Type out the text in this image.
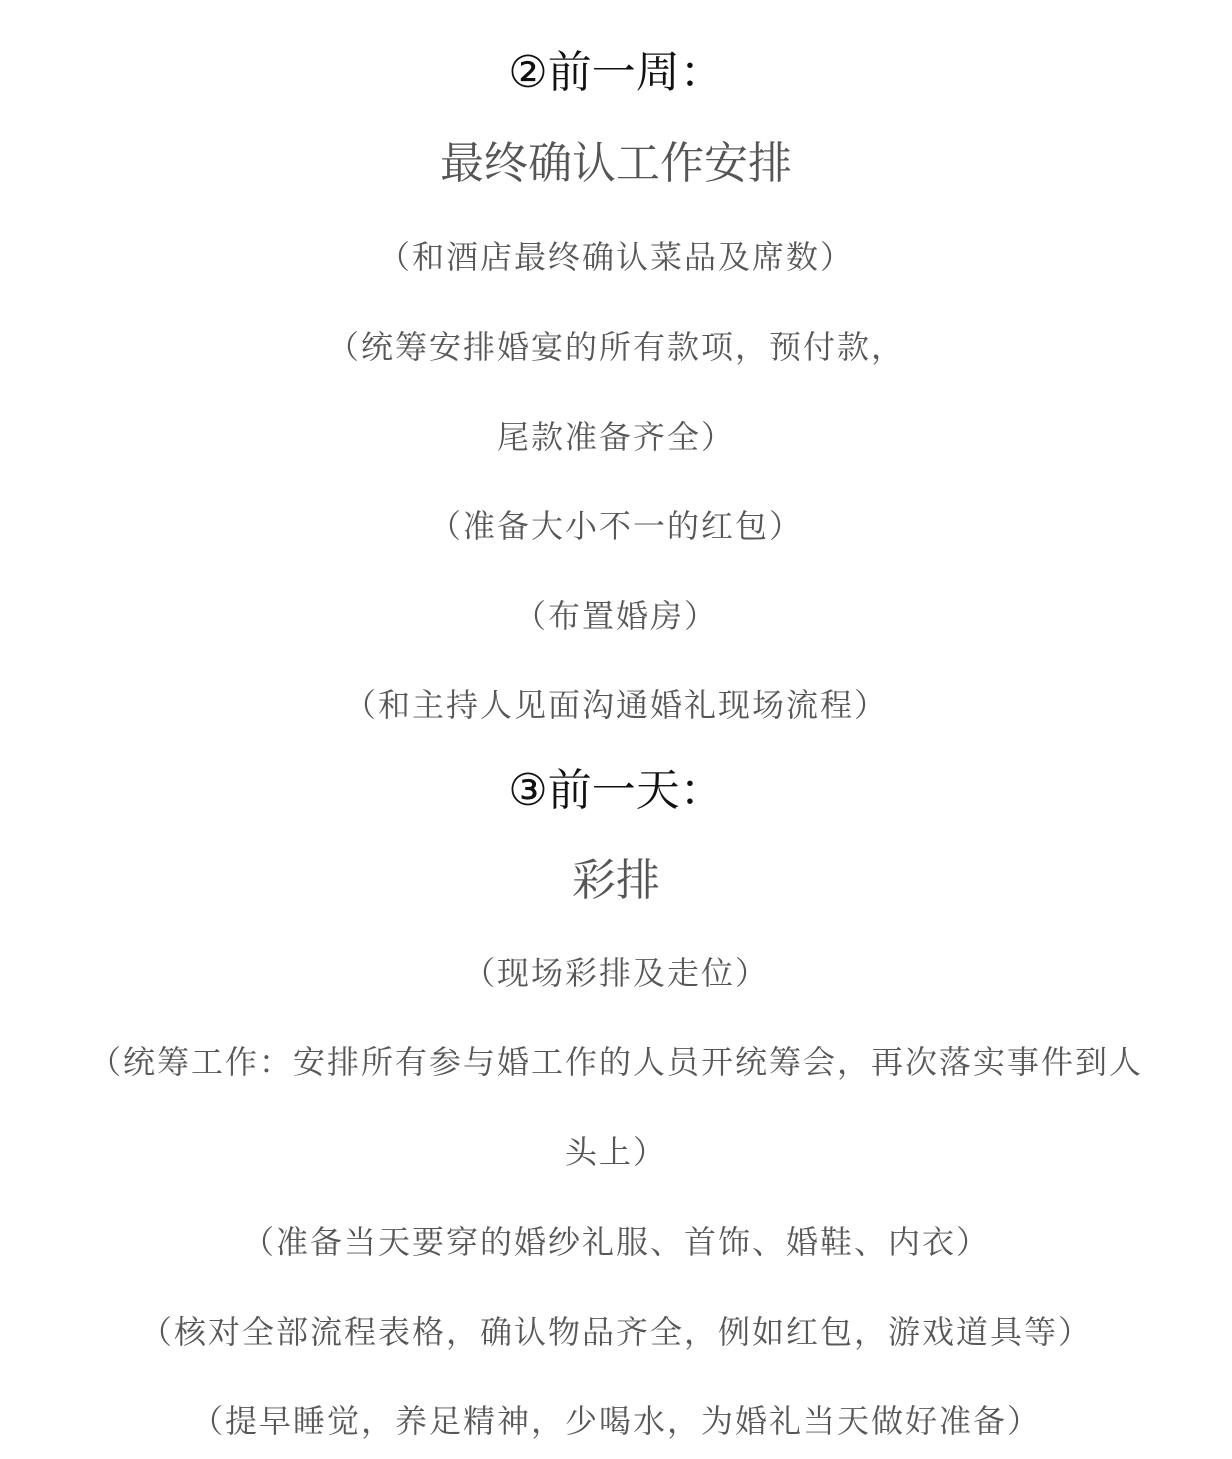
②前一周：
最终确认工作安排
（和酒店最终确认菜品及席数）
（统筹安排婚宴的所有款项，预付款，
尾款准备齐全）
（准备大小不一的红包）
（布置婚房）
（和主持人见面沟通婚礼现场流程）
③前一天：
彩排
（现场彩排及走位）
（统筹工作：安排所有参与婚工作的人员开统筹会，再次落实事件到人
头上）
（准备当天要穿的婚纱礼服、首饰、婚鞋、内衣）
（核对全部流程表格，确认物品齐全，例如红包，游戏道具等）
（提早睡觉，养足精神，少喝水，为婚礼当天做好准备）
